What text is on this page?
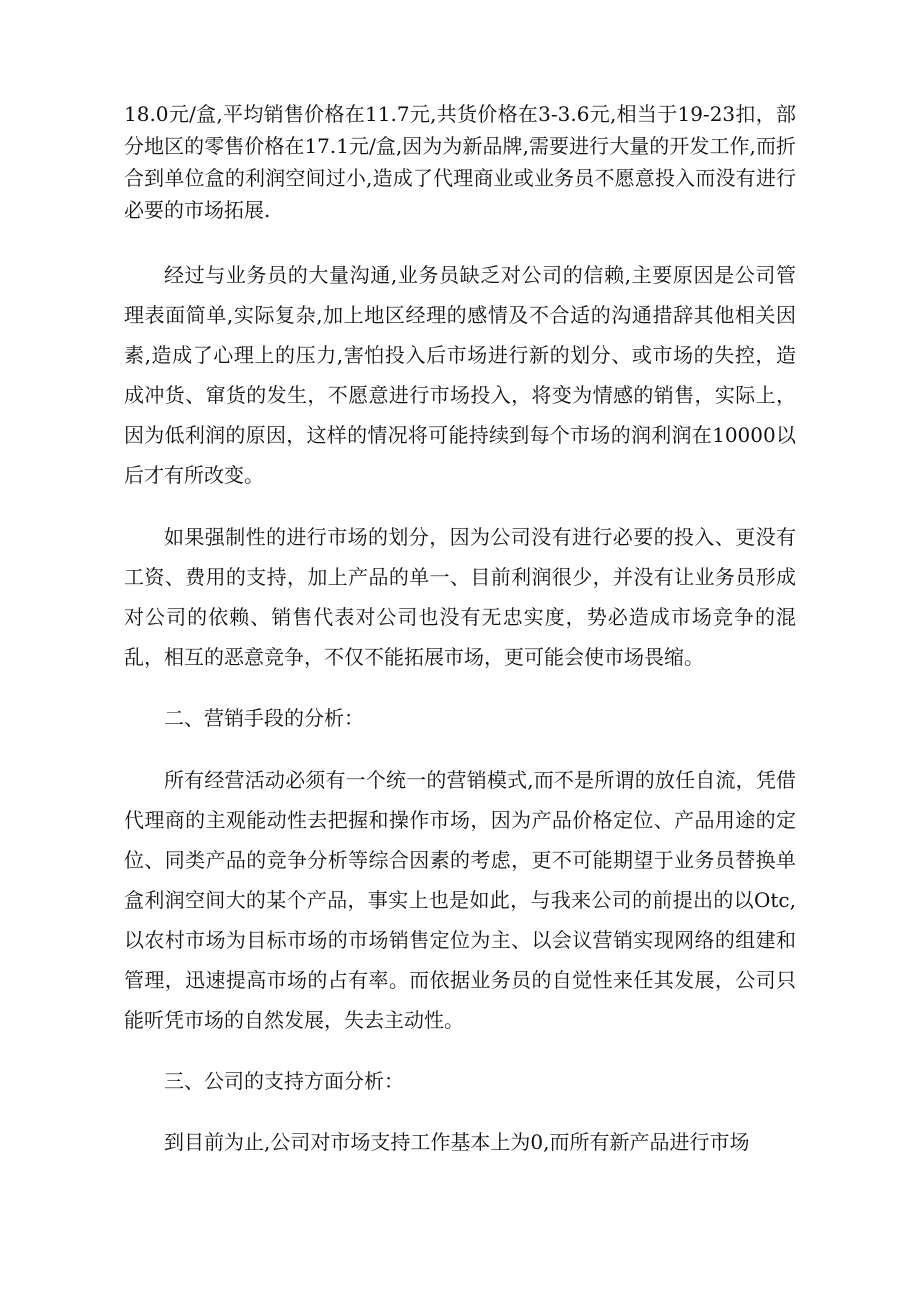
18.0元/盒,平均销售价格在11.7元,共货价格在3-3.6元,相当于19-23扣，部分地区的零售价格在17.1元/盒,因为为新品牌,需要进行大量的开发工作,而折合到单位盒的利润空间过小,造成了代理商业或业务员不愿意投入而没有进行必要的市场拓展.

经过与业务员的大量沟通,业务员缺乏对公司的信赖,主要原因是公司管理表面简单,实际复杂,加上地区经理的感情及不合适的沟通措辞其他相关因素,造成了心理上的压力,害怕投入后市场进行新的划分、或市场的失控，造成冲货、窜货的发生，不愿意进行市场投入，将变为情感的销售，实际上，因为低利润的原因，这样的情况将可能持续到每个市场的润利润在10000以后才有所改变。

如果强制性的进行市场的划分，因为公司没有进行必要的投入、更没有工资、费用的支持，加上产品的单一、目前利润很少，并没有让业务员形成对公司的依赖、销售代表对公司也没有无忠实度，势必造成市场竞争的混乱，相互的恶意竞争，不仅不能拓展市场，更可能会使市场畏缩。

二、营销手段的分析：

所有经营活动必须有一个统一的营销模式,而不是所谓的放任自流，凭借代理商的主观能动性去把握和操作市场，因为产品价格定位、产品用途的定位、同类产品的竞争分析等综合因素的考虑，更不可能期望于业务员替换单盒利润空间大的某个产品，事实上也是如此，与我来公司的前提出的以Otc,以农村市场为目标市场的市场销售定位为主、以会议营销实现网络的组建和管理，迅速提高市场的占有率。而依据业务员的自觉性来任其发展，公司只能听凭市场的自然发展，失去主动性。

三、公司的支持方面分析：

到目前为止,公司对市场支持工作基本上为0,而所有新产品进行市场
